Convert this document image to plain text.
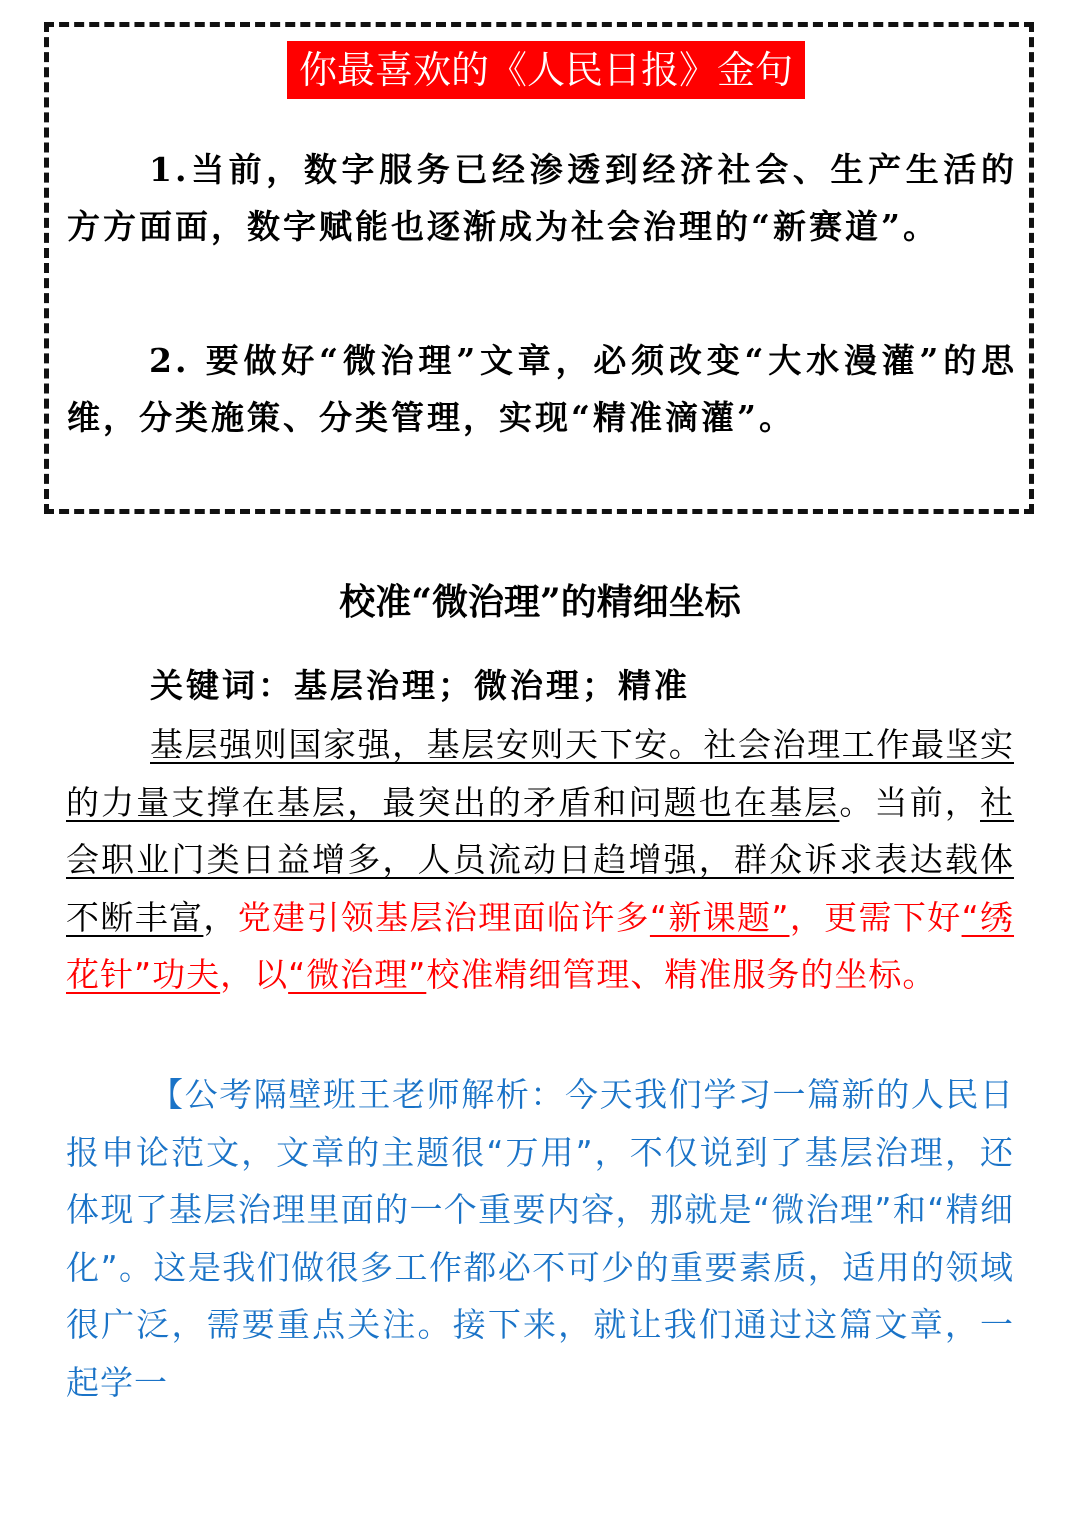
你最喜欢的《人民日报》金句

1.当前，数字服务已经渗透到经济社会、生产生活的方方面面，数字赋能也逐渐成为社会治理的“新赛道”。

2. 要做好“微治理”文章，必须改变“大水漫灌”的思维，分类施策、分类管理，实现“精准滴灌”。

校准“微治理”的精细坐标

关键词：基层治理；微治理；精准

基层强则国家强，基层安则天下安。社会治理工作最坚实的力量支撑在基层，最突出的矛盾和问题也在基层。当前，社会职业门类日益增多，人员流动日趋增强，群众诉求表达载体不断丰富，党建引领基层治理面临许多“新课题”，更需下好“绣花针”功夫，以“微治理”校准精细管理、精准服务的坐标。

【公考隔壁班王老师解析：今天我们学习一篇新的人民日报申论范文，文章的主题很“万用”，不仅说到了基层治理，还体现了基层治理里面的一个重要内容，那就是“微治理”和“精细化”。这是我们做很多工作都必不可少的重要素质，适用的领域很广泛，需要重点关注。接下来，就让我们通过这篇文章，一起学一
